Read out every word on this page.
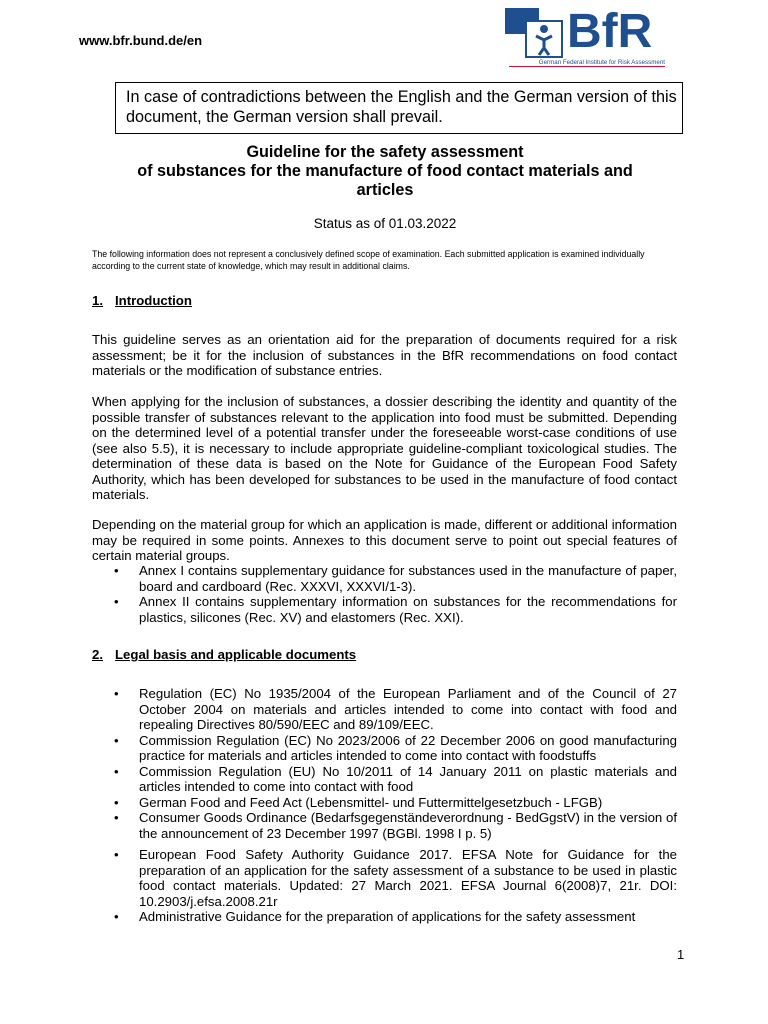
www.bfr.bund.de/en	BfR
German Federal Institute for Risk Assessment
In case of contradictions between the English and the German version of this document, the German version shall prevail.
Guideline for the safety assessment
of substances for the manufacture of food contact materials and
articles
Status as of 01.03.2022
The following information does not represent a conclusively defined scope of examination. Each submitted application is examined individually according to the current state of knowledge, which may result in additional claims.
1. Introduction
This guideline serves as an orientation aid for the preparation of documents required for a risk assessment; be it for the inclusion of substances in the BfR recommendations on food contact materials or the modification of substance entries.
When applying for the inclusion of substances, a dossier describing the identity and quantity of the possible transfer of substances relevant to the application into food must be submitted. Depending on the determined level of a potential transfer under the foreseeable worst-case conditions of use (see also 5.5), it is necessary to include appropriate guideline-compliant toxicological studies. The determination of these data is based on the Note for Guidance of the European Food Safety Authority, which has been developed for substances to be used in the manufacture of food contact materials.
Depending on the material group for which an application is made, different or additional information may be required in some points. Annexes to this document serve to point out special features of certain material groups.
• Annex I contains supplementary guidance for substances used in the manufacture of paper, board and cardboard (Rec. XXXVI, XXXVI/1-3).
• Annex II contains supplementary information on substances for the recommendations for plastics, silicones (Rec. XV) and elastomers (Rec. XXI).
2. Legal basis and applicable documents
• Regulation (EC) No 1935/2004 of the European Parliament and of the Council of 27 October 2004 on materials and articles intended to come into contact with food and repealing Directives 80/590/EEC and 89/109/EEC.
• Commission Regulation (EC) No 2023/2006 of 22 December 2006 on good manufacturing practice for materials and articles intended to come into contact with foodstuffs
• Commission Regulation (EU) No 10/2011 of 14 January 2011 on plastic materials and articles intended to come into contact with food
• German Food and Feed Act (Lebensmittel- und Futtermittelgesetzbuch - LFGB)
• Consumer Goods Ordinance (Bedarfsgegenständeverordnung - BedGgstV) in the version of the announcement of 23 December 1997 (BGBl. 1998 I p. 5)
• European Food Safety Authority Guidance 2017. EFSA Note for Guidance for the preparation of an application for the safety assessment of a substance to be used in plastic food contact materials. Updated: 27 March 2021. EFSA Journal 6(2008)7, 21r. DOI: 10.2903/j.efsa.2008.21r
• Administrative Guidance for the preparation of applications for the safety assessment
1
